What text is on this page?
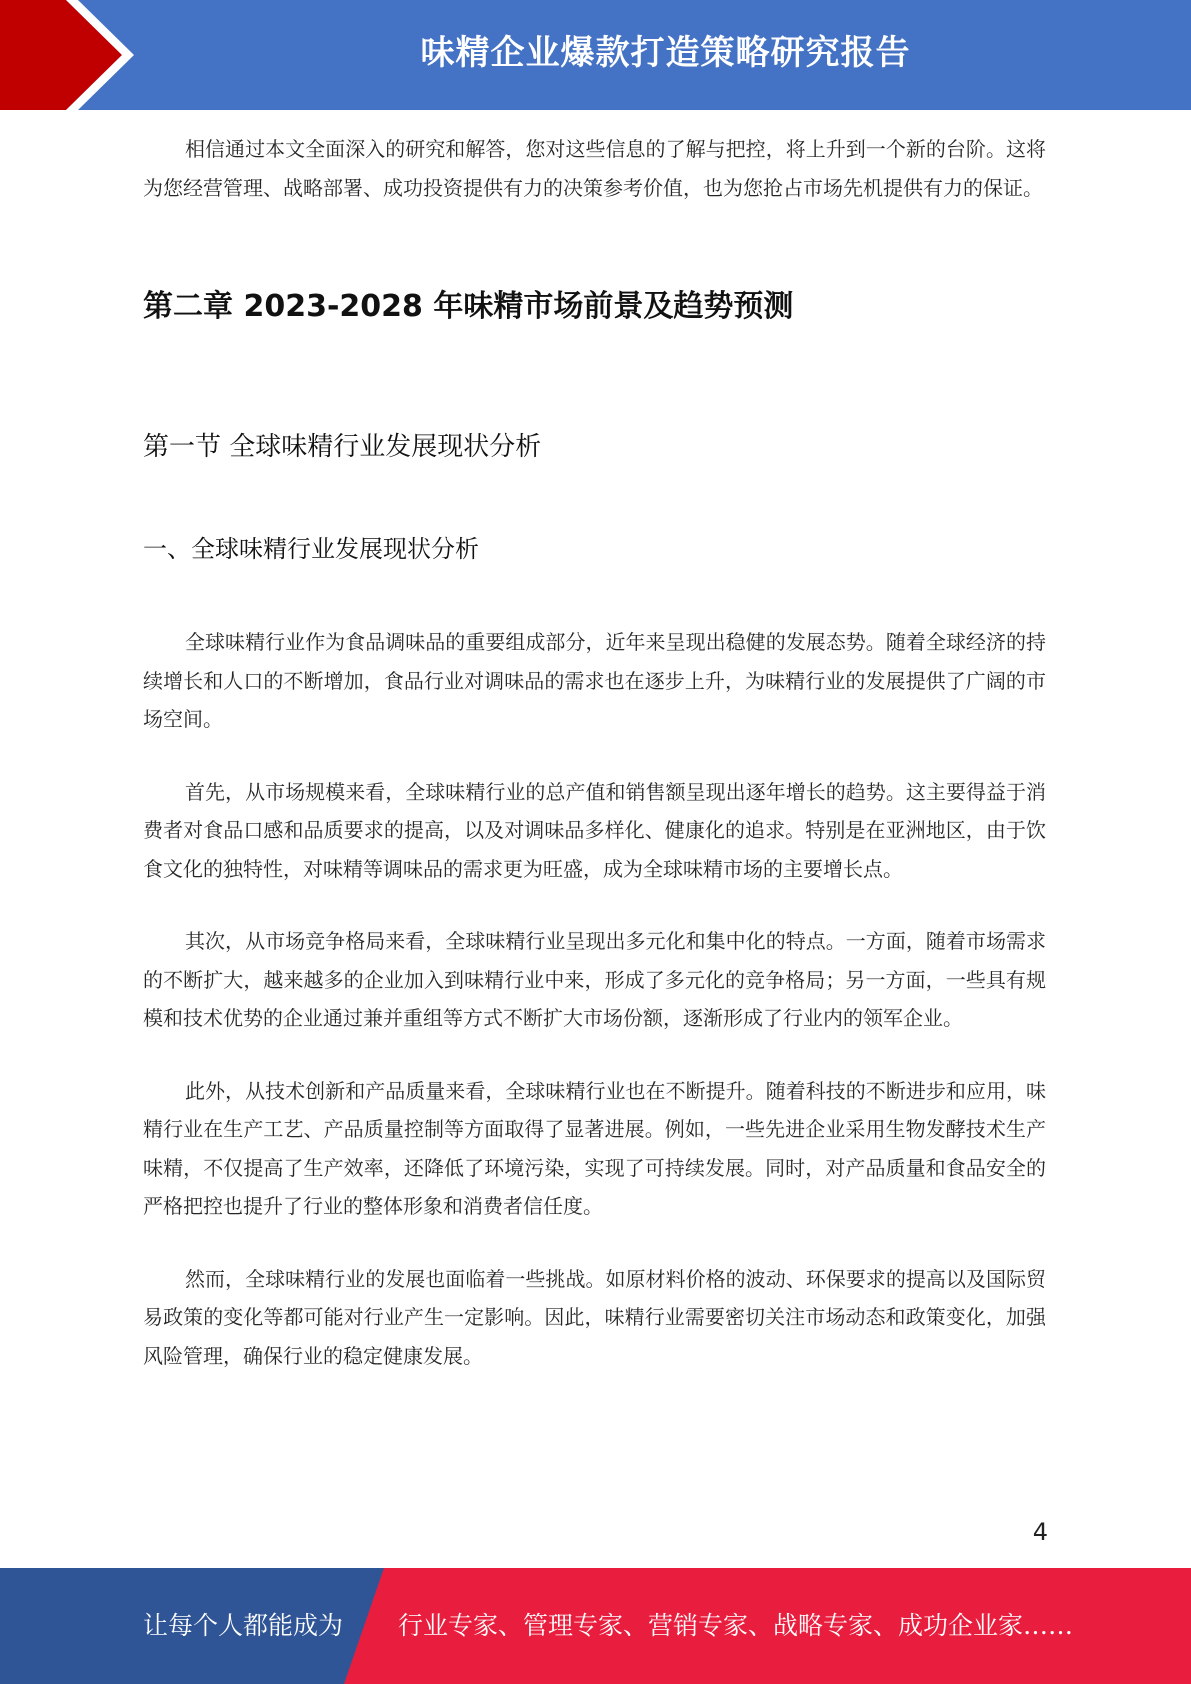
味精企业爆款打造策略研究报告

相信通过本文全面深入的研究和解答，您对这些信息的了解与把控，将上升到一个新的台阶。这将为您经营管理、战略部署、成功投资提供有力的决策参考价值，也为您抢占市场先机提供有力的保证。

第二章 2023-2028 年味精市场前景及趋势预测
第一节 全球味精行业发展现状分析
一、全球味精行业发展现状分析

全球味精行业作为食品调味品的重要组成部分，近年来呈现出稳健的发展态势。随着全球经济的持续增长和人口的不断增加，食品行业对调味品的需求也在逐步上升，为味精行业的发展提供了广阔的市场空间。

首先，从市场规模来看，全球味精行业的总产值和销售额呈现出逐年增长的趋势。这主要得益于消费者对食品口感和品质要求的提高，以及对调味品多样化、健康化的追求。特别是在亚洲地区，由于饮食文化的独特性，对味精等调味品的需求更为旺盛，成为全球味精市场的主要增长点。

其次，从市场竞争格局来看，全球味精行业呈现出多元化和集中化的特点。一方面，随着市场需求的不断扩大，越来越多的企业加入到味精行业中来，形成了多元化的竞争格局；另一方面，一些具有规模和技术优势的企业通过兼并重组等方式不断扩大市场份额，逐渐形成了行业内的领军企业。

此外，从技术创新和产品质量来看，全球味精行业也在不断提升。随着科技的不断进步和应用，味精行业在生产工艺、产品质量控制等方面取得了显著进展。例如，一些先进企业采用生物发酵技术生产味精，不仅提高了生产效率，还降低了环境污染，实现了可持续发展。同时，对产品质量和食品安全的严格把控也提升了行业的整体形象和消费者信任度。

然而，全球味精行业的发展也面临着一些挑战。如原材料价格的波动、环保要求的提高以及国际贸易政策的变化等都可能对行业产生一定影响。因此，味精行业需要密切关注市场动态和政策变化，加强风险管理，确保行业的稳定健康发展。

4
让每个人都能成为 行业专家、管理专家、营销专家、战略专家、成功企业家……
